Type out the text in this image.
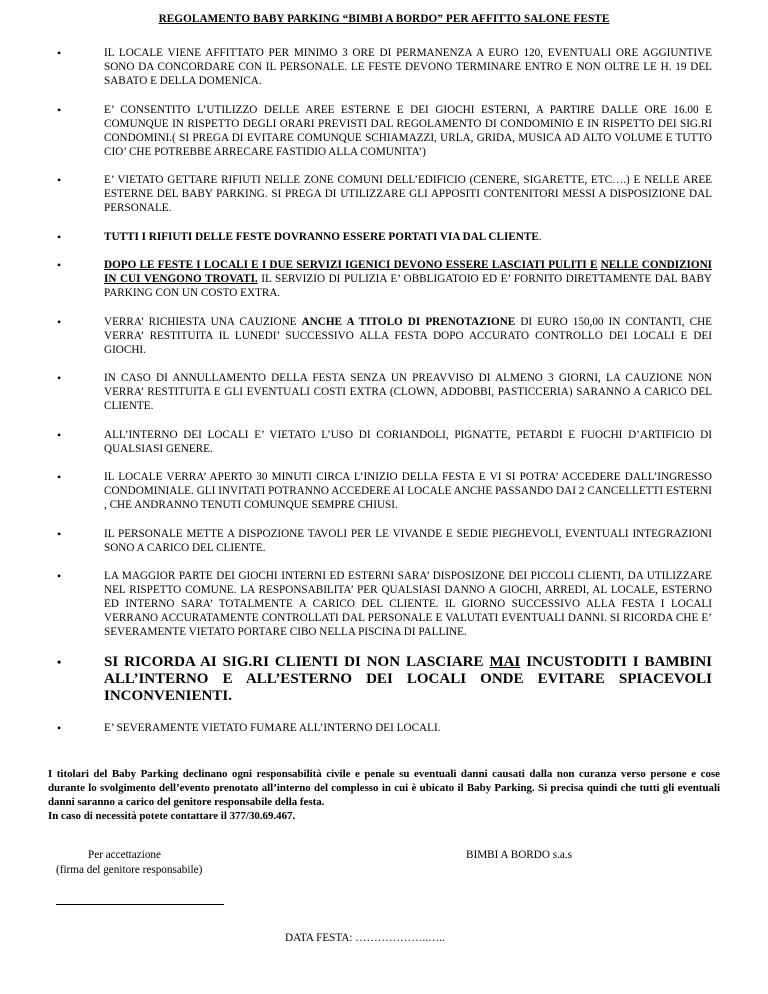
REGOLAMENTO BABY PARKING “BIMBI A BORDO” PER AFFITTO SALONE FESTE
•	IL LOCALE VIENE AFFITTATO PER MINIMO 3 ORE DI PERMANENZA A EURO 120, EVENTUALI ORE AGGIUNTIVE SONO DA CONCORDARE CON IL PERSONALE. LE FESTE DEVONO TERMINARE ENTRO E NON OLTRE LE H. 19 DEL SABATO E DELLA DOMENICA.
•	E’ CONSENTITO L’UTILIZZO DELLE AREE ESTERNE E DEI GIOCHI ESTERNI, A PARTIRE DALLE ORE 16.00 E COMUNQUE IN RISPETTO DEGLI ORARI PREVISTI DAL REGOLAMENTO DI CONDOMINIO E IN RISPETTO DEI SIG.RI CONDOMINI.( SI PREGA DI EVITARE COMUNQUE SCHIAMAZZI, URLA, GRIDA, MUSICA AD ALTO VOLUME E TUTTO CIO’ CHE POTREBBE ARRECARE FASTIDIO ALLA COMUNITA’)
•	E’ VIETATO GETTARE RIFIUTI NELLE ZONE COMUNI DELL’EDIFICIO (CENERE, SIGARETTE, ETC….) E NELLE AREE ESTERNE DEL BABY PARKING. SI PREGA DI UTILIZZARE GLI APPOSITI CONTENITORI MESSI A DISPOSIZIONE DAL PERSONALE.
•	TUTTI I RIFIUTI DELLE FESTE DOVRANNO ESSERE PORTATI VIA DAL CLIENTE.
•	DOPO LE FESTE I LOCALI E I DUE SERVIZI IGENICI DEVONO ESSERE LASCIATI PULITI E NELLE CONDIZIONI IN CUI VENGONO TROVATI. IL SERVIZIO DI PULIZIA E’ OBBLIGATOIO ED E’ FORNITO DIRETTAMENTE DAL BABY PARKING CON UN COSTO EXTRA.
•	VERRA’ RICHIESTA UNA CAUZIONE ANCHE A TITOLO DI PRENOTAZIONE DI EURO 150,00 IN CONTANTI, CHE VERRA’ RESTITUITA IL LUNEDI’ SUCCESSIVO ALLA FESTA DOPO ACCURATO CONTROLLO DEI LOCALI E DEI GIOCHI.
•	IN CASO DI ANNULLAMENTO DELLA FESTA SENZA UN PREAVVISO DI ALMENO 3 GIORNI, LA CAUZIONE NON VERRA’ RESTITUITA E GLI EVENTUALI COSTI EXTRA (CLOWN, ADDOBBI, PASTICCERIA) SARANNO A CARICO DEL CLIENTE.
•	ALL’INTERNO DEI LOCALI E’ VIETATO L’USO DI CORIANDOLI, PIGNATTE, PETARDI E FUOCHI D’ARTIFICIO DI QUALSIASI GENERE.
•	IL LOCALE VERRA’ APERTO 30 MINUTI CIRCA L’INIZIO DELLA FESTA E VI SI POTRA’ ACCEDERE DALL’INGRESSO CONDOMINIALE. GLI INVITATI POTRANNO ACCEDERE AI LOCALE ANCHE PASSANDO DAI 2 CANCELLETTI ESTERNI , CHE ANDRANNO TENUTI COMUNQUE SEMPRE CHIUSI.
•	IL PERSONALE METTE A DISPOZIONE TAVOLI PER LE VIVANDE E SEDIE PIEGHEVOLI, EVENTUALI INTEGRAZIONI SONO A CARICO DEL CLIENTE.
•	LA MAGGIOR PARTE DEI GIOCHI INTERNI ED ESTERNI SARA’ DISPOSIZONE DEI PICCOLI CLIENTI, DA UTILIZZARE NEL RISPETTO COMUNE. LA RESPONSABILITA’ PER QUALSIASI DANNO A GIOCHI, ARREDI, AL LOCALE, ESTERNO ED INTERNO SARA’ TOTALMENTE A CARICO DEL CLIENTE. IL GIORNO SUCCESSIVO ALLA FESTA I LOCALI VERRANO ACCURATAMENTE CONTROLLATI DAL PERSONALE E VALUTATI EVENTUALI DANNI. SI RICORDA CHE E’ SEVERAMENTE VIETATO PORTARE CIBO NELLA PISCINA DI PALLINE.
•	SI RICORDA AI SIG.RI CLIENTI DI NON LASCIARE MAI INCUSTODITI I BAMBINI ALL’INTERNO E ALL’ESTERNO DEI LOCALI ONDE EVITARE SPIACEVOLI INCONVENIENTI.
•	E’ SEVERAMENTE VIETATO FUMARE ALL’INTERNO DEI LOCALI.
I titolari del Baby Parking declinano ogni responsabilità civile e penale su eventuali danni causati dalla non curanza verso persone e cose durante lo svolgimento dell’evento prenotato all’interno del complesso in cui è ubicato il Baby Parking. Si precisa quindi che tutti gli eventuali danni saranno a carico del genitore responsabile della festa.
In caso di necessità potete contattare il 377/30.69.467.
Per accettazione
(firma del genitore responsabile)
BIMBI A BORDO s.a.s
DATA FESTA: ………………..…..
